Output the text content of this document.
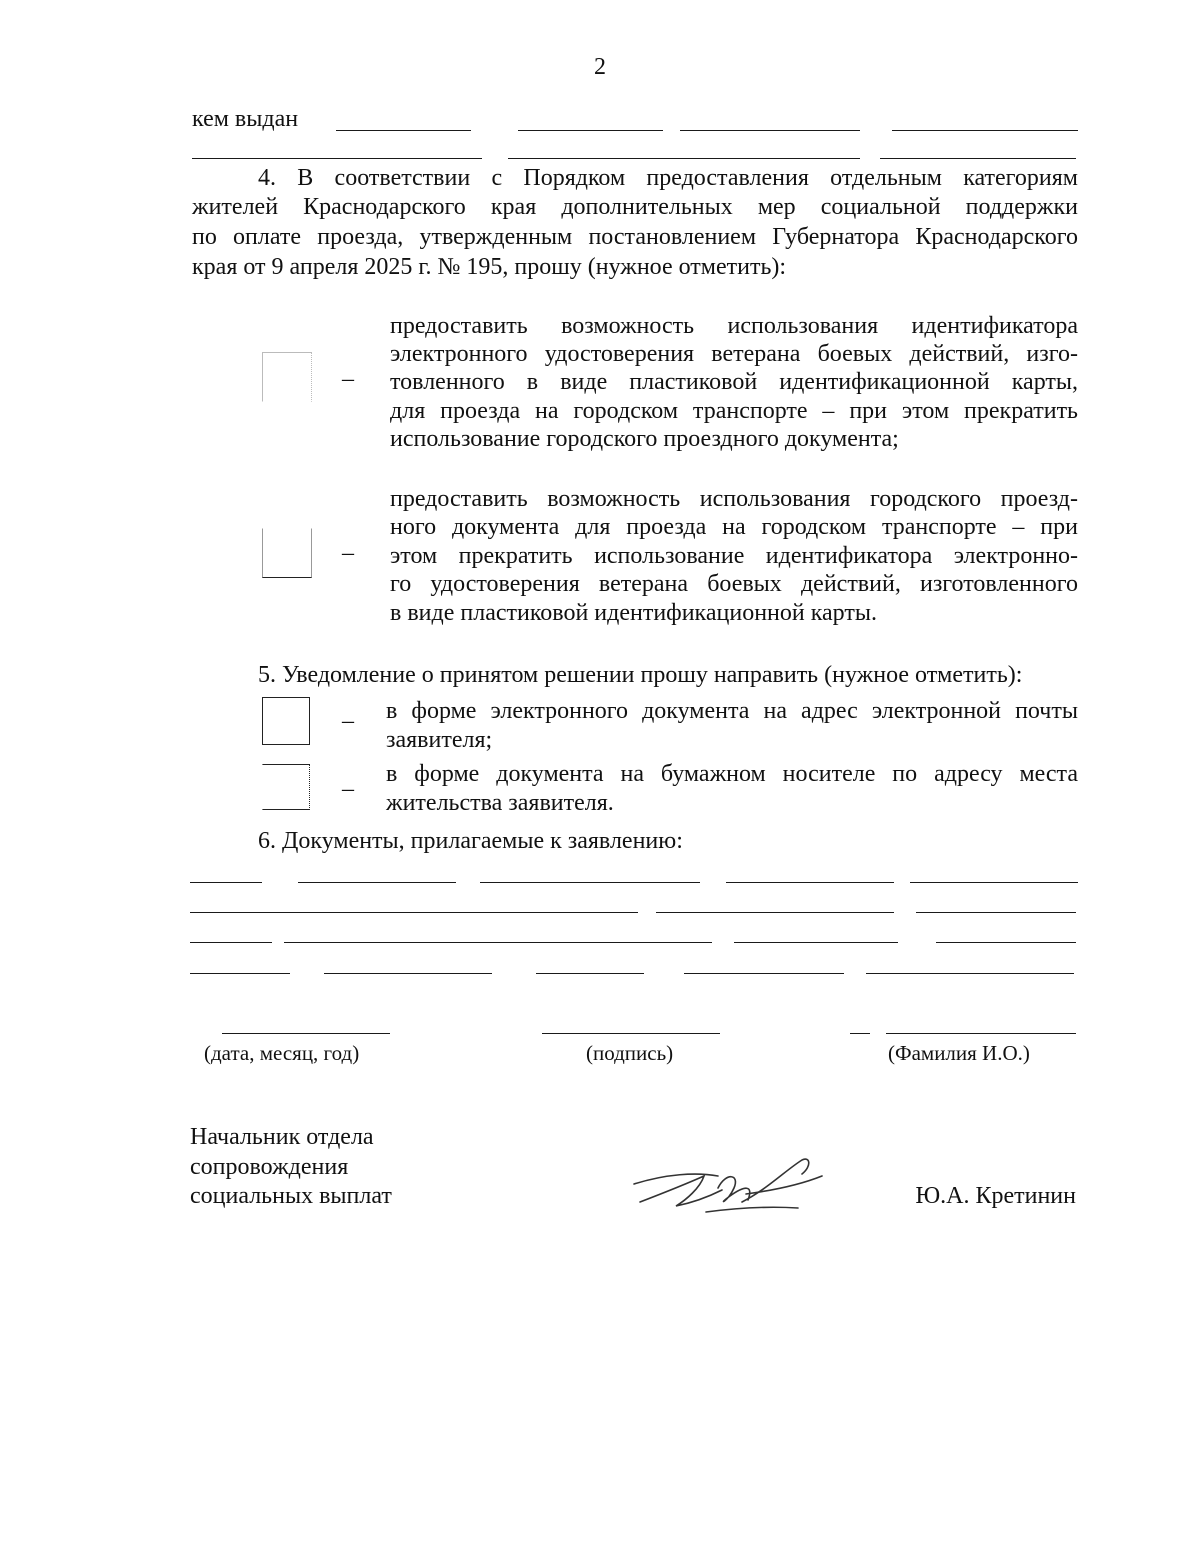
2
кем выдан
4. В соответствии с Порядком предоставления отдельным категориям
жителей Краснодарского края дополнительных мер социальной поддержки
по оплате проезда, утвержденным постановлением Губернатора Краснодарского
края от 9 апреля 2025 г. № 195, прошу (нужное отметить):
–
предоставить возможность использования идентификатора
электронного удостоверения ветерана боевых действий, изго-
товленного в виде пластиковой идентификационной карты,
для проезда на городском транспорте – при этом прекратить
использование городского проездного документа;
–
предоставить возможность использования городского проезд-
ного документа для проезда на городском транспорте – при
этом прекратить использование идентификатора электронно-
го удостоверения ветерана боевых действий, изготовленного
в виде пластиковой идентификационной карты.
5. Уведомление о принятом решении прошу направить (нужное отметить):
– в форме электронного документа на адрес электронной почты
заявителя;
–
в форме документа на бумажном носителе по адресу места
жительства заявителя.
6. Документы, прилагаемые к заявлению:
(дата, месяц, год)	(подпись)	(Фамилия И.О.)
Начальник отдела
сопровождения
социальных выплат	Ю.А. Кретинин
